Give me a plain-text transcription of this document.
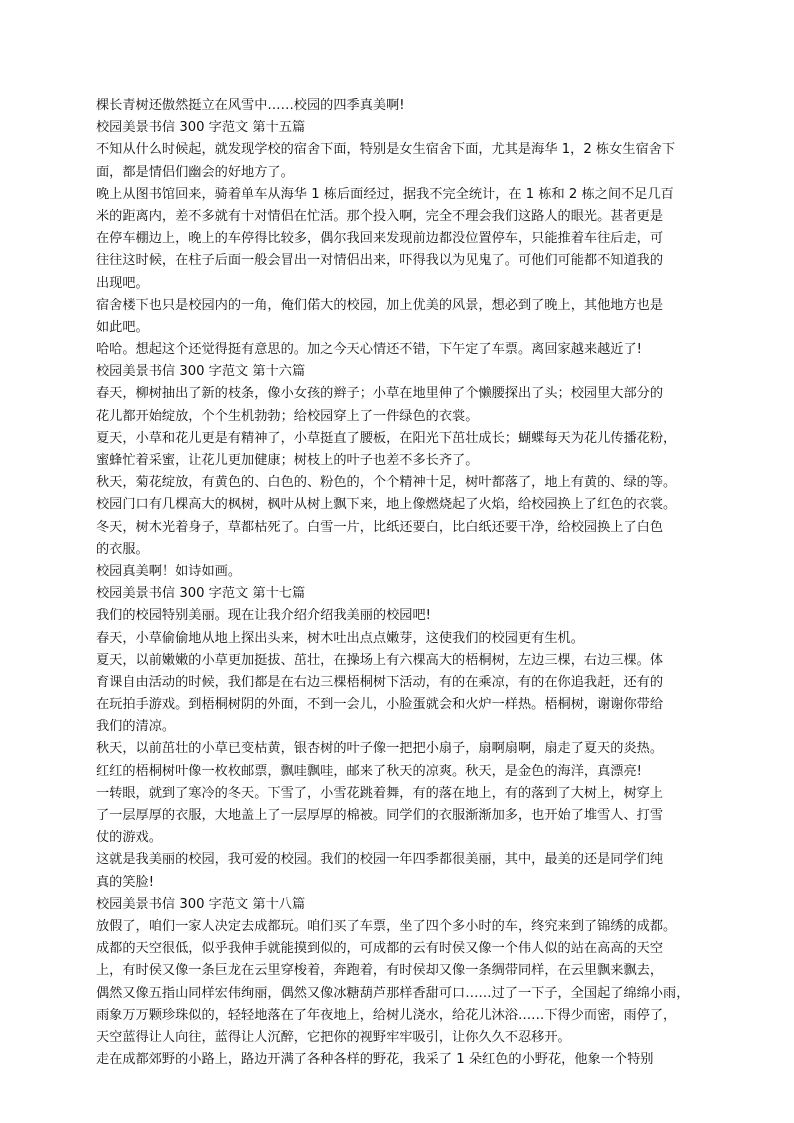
棵长青树还傲然挺立在风雪中……校园的四季真美啊!
校园美景书信 300 字范文 第十五篇
不知从什么时候起，就发现学校的宿舍下面，特别是女生宿舍下面，尤其是海华 1，2 栋女生宿舍下
面，都是情侣们幽会的好地方了。
晚上从图书馆回来，骑着单车从海华 1 栋后面经过，据我不完全统计，在 1 栋和 2 栋之间不足几百
米的距离内，差不多就有十对情侣在忙活。那个投入啊，完全不理会我们这路人的眼光。甚者更是
在停车棚边上，晚上的车停得比较多，偶尔我回来发现前边都没位置停车，只能推着车往后走，可
往往这时候，在柱子后面一般会冒出一对情侣出来，吓得我以为见鬼了。可他们可能都不知道我的
出现吧。
宿舍楼下也只是校园内的一角，俺们偌大的校园，加上优美的风景，想必到了晚上，其他地方也是
如此吧。
哈哈。想起这个还觉得挺有意思的。加之今天心情还不错，下午定了车票。离回家越来越近了!
校园美景书信 300 字范文 第十六篇
春天，柳树抽出了新的枝条，像小女孩的辫子；小草在地里伸了个懒腰探出了头；校园里大部分的
花儿都开始绽放，个个生机勃勃；给校园穿上了一件绿色的衣裳。
夏天，小草和花儿更是有精神了，小草挺直了腰板，在阳光下茁壮成长；蝴蝶每天为花儿传播花粉，
蜜蜂忙着采蜜，让花儿更加健康；树枝上的叶子也差不多长齐了。
秋天，菊花绽放，有黄色的、白色的、粉色的，个个精神十足，树叶都落了，地上有黄的、绿的等。
校园门口有几棵高大的枫树，枫叶从树上飘下来，地上像燃烧起了火焰，给校园换上了红色的衣裳。
冬天，树木光着身子，草都枯死了。白雪一片，比纸还要白，比白纸还要干净，给校园换上了白色
的衣服。
校园真美啊！如诗如画。
校园美景书信 300 字范文 第十七篇
我们的校园特别美丽。现在让我介绍介绍我美丽的校园吧!
春天，小草偷偷地从地上探出头来，树木吐出点点嫩芽，这使我们的校园更有生机。
夏天，以前嫩嫩的小草更加挺拔、茁壮，在操场上有六棵高大的梧桐树，左边三棵，右边三棵。体
育课自由活动的时候，我们都是在右边三棵梧桐树下活动，有的在乘凉，有的在你追我赶，还有的
在玩拍手游戏。到梧桐树阴的外面，不到一会儿，小脸蛋就会和火炉一样热。梧桐树，谢谢你带给
我们的清凉。
秋天，以前茁壮的小草已变枯黄，银杏树的叶子像一把把小扇子，扇啊扇啊，扇走了夏天的炎热。
红红的梧桐树叶像一枚枚邮票，飘哇飘哇，邮来了秋天的凉爽。秋天，是金色的海洋，真漂亮!
一转眼，就到了寒冷的冬天。下雪了，小雪花跳着舞，有的落在地上，有的落到了大树上，树穿上
了一层厚厚的衣服，大地盖上了一层厚厚的棉被。同学们的衣服渐渐加多，也开始了堆雪人、打雪
仗的游戏。
这就是我美丽的校园，我可爱的校园。我们的校园一年四季都很美丽，其中，最美的还是同学们纯
真的笑脸!
校园美景书信 300 字范文 第十八篇
放假了，咱们一家人决定去成都玩。咱们买了车票，坐了四个多小时的车，终究来到了锦绣的成都。
成都的天空很低，似乎我伸手就能摸到似的，可成都的云有时侯又像一个伟人似的站在高高的天空
上，有时侯又像一条巨龙在云里穿梭着，奔跑着，有时侯却又像一条绸带同样，在云里飘来飘去，
偶然又像五指山同样宏伟绚丽，偶然又像冰糖葫芦那样香甜可口……过了一下子，全国起了绵绵小雨，
雨象万万颗珍珠似的，轻轻地落在了年夜地上，给树儿浇水，给花儿沐浴……下得少而密，雨停了，
天空蓝得让人向往，蓝得让人沉醉，它把你的视野牢牢吸引，让你久久不忍移开。
走在成都郊野的小路上，路边开满了各种各样的野花，我采了 1 朵红色的小野花，他象一个特别
